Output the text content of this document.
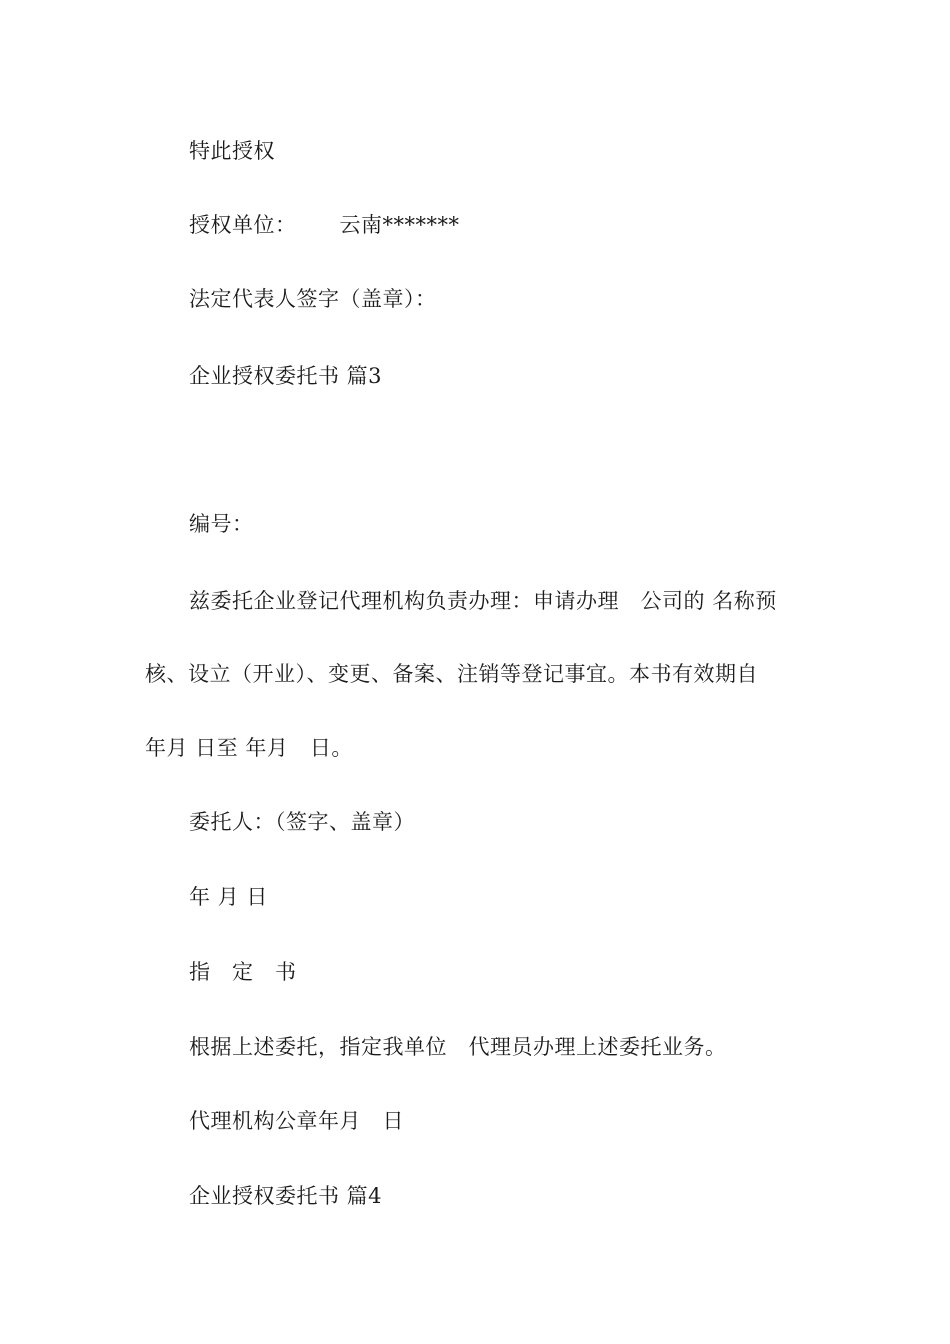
特此授权
授权单位：      云南*******
法定代表人签字（盖章）：
企业授权委托书 篇3
编号：
兹委托企业登记代理机构负责办理：申请办理   公司的 名称预
核、设立（开业）、变更、备案、注销等登记事宜。本书有效期自
年月 日至 年月   日。
委托人：（签字、盖章）
年 月 日
指   定   书
根据上述委托，指定我单位   代理员办理上述委托业务。
代理机构公章年月   日
企业授权委托书 篇4
